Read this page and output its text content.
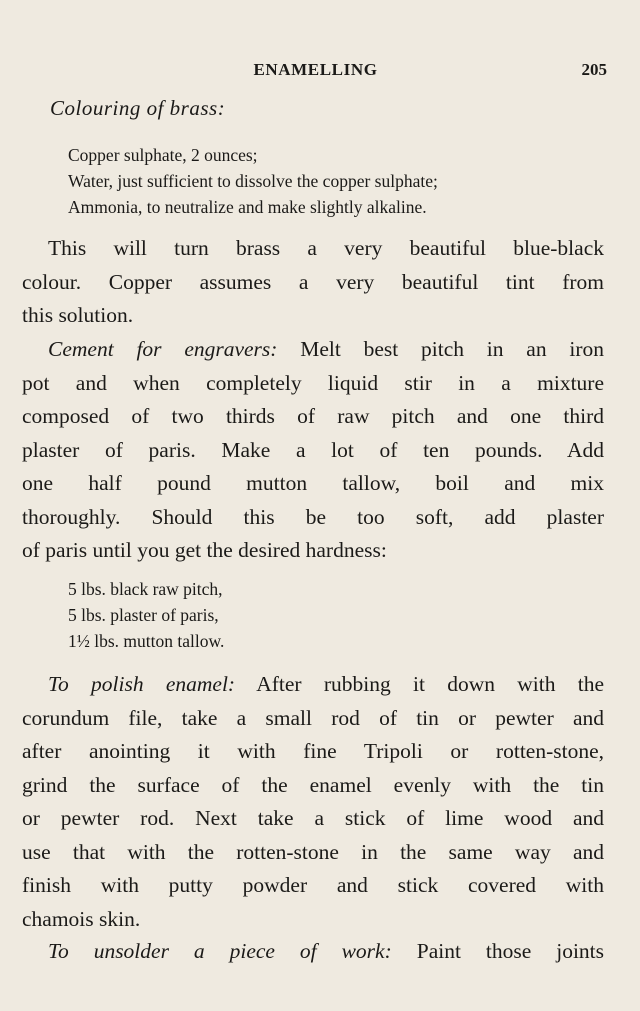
ENAMELLING	205
Colouring of brass:
Copper sulphate, 2 ounces;
Water, just sufficient to dissolve the copper sulphate;
Ammonia, to neutralize and make slightly alkaline.
This will turn brass a very beautiful blue-black
colour. Copper assumes a very beautiful tint from
this solution.
Cement for engravers: Melt best pitch in an iron
pot and when completely liquid stir in a mixture
composed of two thirds of raw pitch and one third
plaster of paris. Make a lot of ten pounds. Add
one half pound mutton tallow, boil and mix
thoroughly. Should this be too soft, add plaster
of paris until you get the desired hardness:
5 lbs. black raw pitch,
5 lbs. plaster of paris,
1½ lbs. mutton tallow.
To polish enamel: After rubbing it down with the
corundum file, take a small rod of tin or pewter and
after anointing it with fine Tripoli or rotten-stone,
grind the surface of the enamel evenly with the tin
or pewter rod. Next take a stick of lime wood and
use that with the rotten-stone in the same way and
finish with putty powder and stick covered with
chamois skin.
To unsolder a piece of work: Paint those joints
